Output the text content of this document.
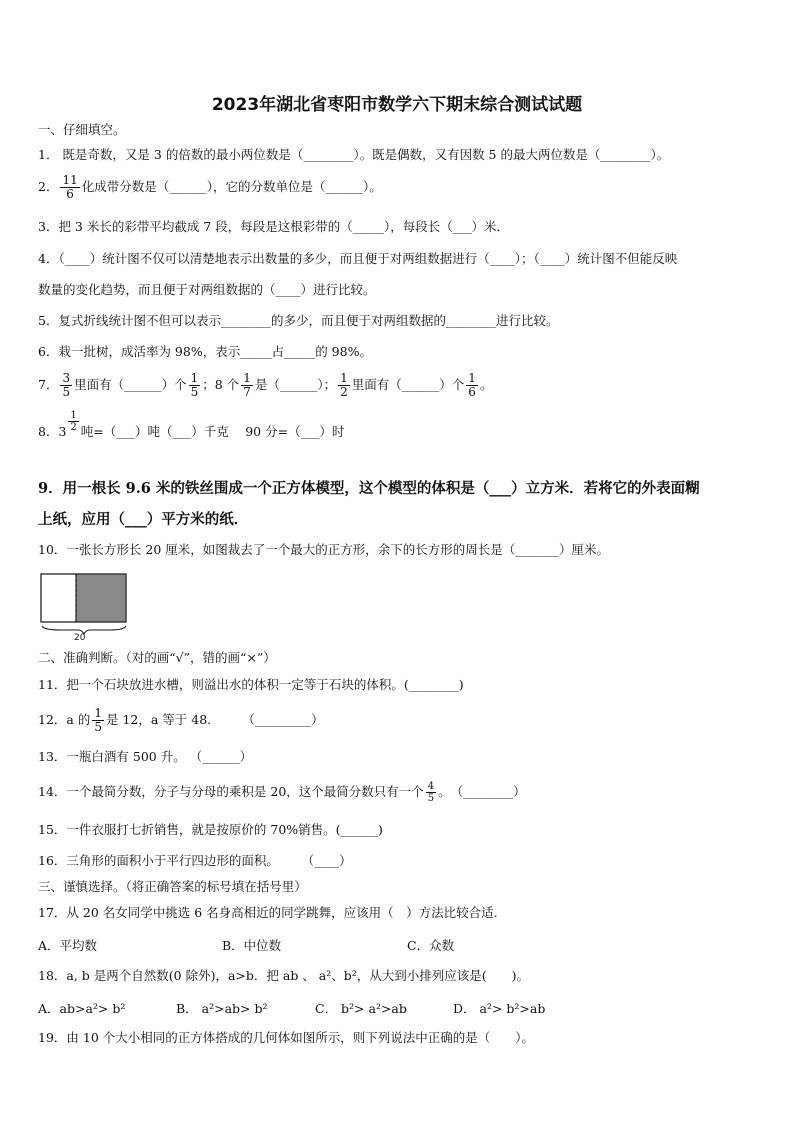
2023年湖北省枣阳市数学六下期末综合测试试题
一、仔细填空。
1． 既是奇数，又是 3 的倍数的最小两位数是（________）。既是偶数，又有因数 5 的最大两位数是（________）。
2． $\frac{11}{6}$ 化成带分数是（______），它的分数单位是（______）。
3．把 3 米长的彩带平均截成 7 段，每段是这根彩带的（_____），每段长（___）米．
4．（____）统计图不仅可以清楚地表示出数量的多少，而且便于对两组数据进行（____）；（____）统计图不但能反映
数量的变化趋势，而且便于对两组数据的（____）进行比较。
5．复式折线统计图不但可以表示________的多少，而且便于对两组数据的________进行比较。
6．栽一批树，成活率为 98%，表示_____占_____的 98%。
7． $\frac{3}{5}$ 里面有（______）个 $\frac{1}{5}$ ；8 个 $\frac{1}{7}$ 是（______）； $\frac{1}{2}$ 里面有（______）个 $\frac{1}{6}$ 。
8．$3 \frac{1}{2}$ 吨=（___）吨（___）千克　 90 分=（___）时
9．用一根长 9.6 米的铁丝围成一个正方体模型，这个模型的体积是（___）立方米．若将它的外表面糊
上纸，应用（___）平方米的纸．
10．一张长方形长 20 厘米，如图裁去了一个最大的正方形，余下的长方形的周长是（_______）厘米。
20
二、准确判断。（对的画“√”，错的画“×”）
11．把一个石块放进水槽，则溢出水的体积一定等于石块的体积。(________)
12．a 的 $\frac{1}{5}$ 是 12，a 等于 48.　　　（_________）
13．一瓶白酒有 500 升。 （______）
14．一个最简分数，分子与分母的乘积是 20，这个最简分数只有一个 $\frac{4}{5}$ 。　（________）
15．一件衣服打七折销售，就是按原价的 70%销售。(______)
16．三角形的面积小于平行四边形的面积。　　 （____）
三、谨慎选择。（将正确答案的标号填在括号里）
17．从 20 名女同学中挑选 6 名身高相近的同学跳舞，应该用（　）方法比较合适.
A．平均数	B．中位数	C．众数
18．a, b 是两个自然数(0 除外)，a>b．把 ab 、 a²、b²，从大到小排列应该是(　　)。
A．ab>a²> b²	B． a²>ab> b²	C． b²> a²>ab	D． a²> b²>ab
19．由 10 个大小相同的正方体搭成的几何体如图所示，则下列说法中正确的是（　　）。
